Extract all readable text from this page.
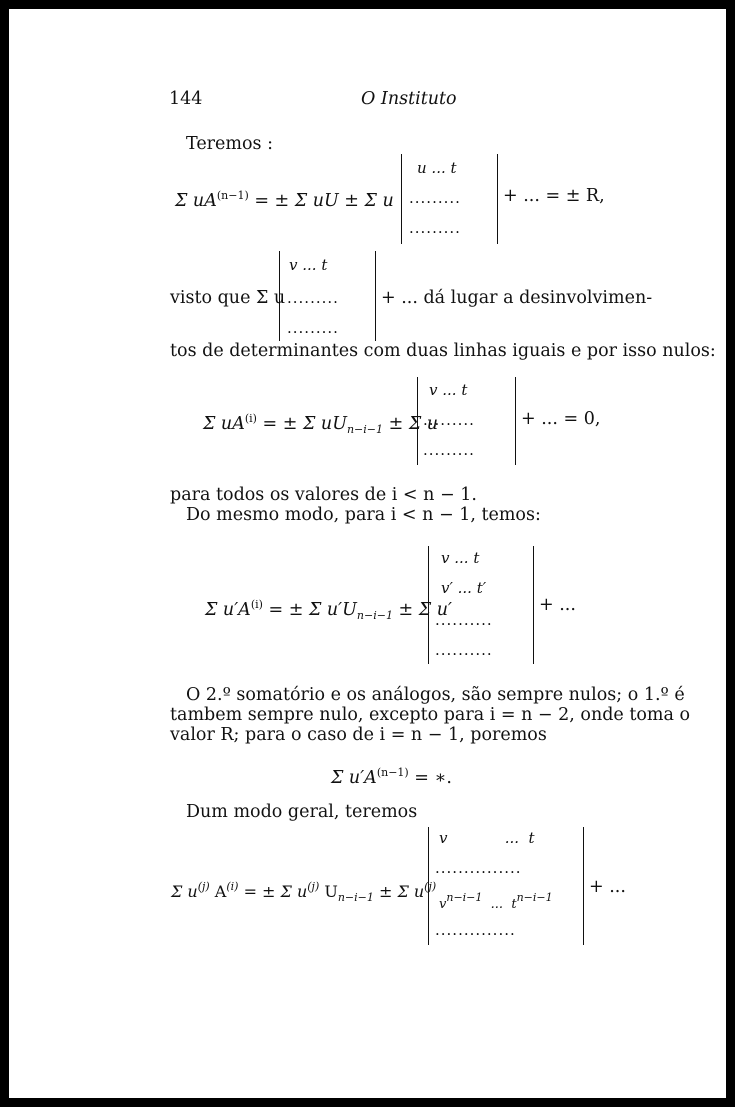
144	O Instituto
Teremos :
Σ $uA^{(n-1)}$ = ± Σ uU ± Σ u
u ... t
.........
.........
+ ... = ± R,
v ... t
visto que Σ u .........
.........
+ ... dá lugar a desinvolvimen-
tos de determinantes com duas linhas iguais e por isso nulos:
Σ $uA^{(i)}$ = ± Σ $uU_{n-i-1} \pm \Sigma$ u
v ... t
.........
.........
+ ... = 0,
para todos os valores de i < n − 1.
Do mesmo modo, para i < n − 1, temos:
Σ $u'A^{(i)}$ = ± Σ $u'U_{n-i-1} \pm \Sigma$ u′
v ... t
v′ ... t′
..........
..........
+ ...
O 2.º somatório e os análogos, são sempre nulos; o 1.º é
tambem sempre nulo, excepto para i = n − 2, onde toma o
valor R; para o caso de i = n − 1, poremos
Σ $u'A^{(n-1)}$ = ∗.
Dum modo geral, teremos
Σ $u^{(j)}$ $A^{(i)}$ = ± Σ $u^{(j)}$ $U_{n-i-1} \pm \Sigma$ $u^{(j)}$
v            ...  t
...............
$v^{n-i-1}$ ... $t^{n-i-1}$
..............
+ ...
